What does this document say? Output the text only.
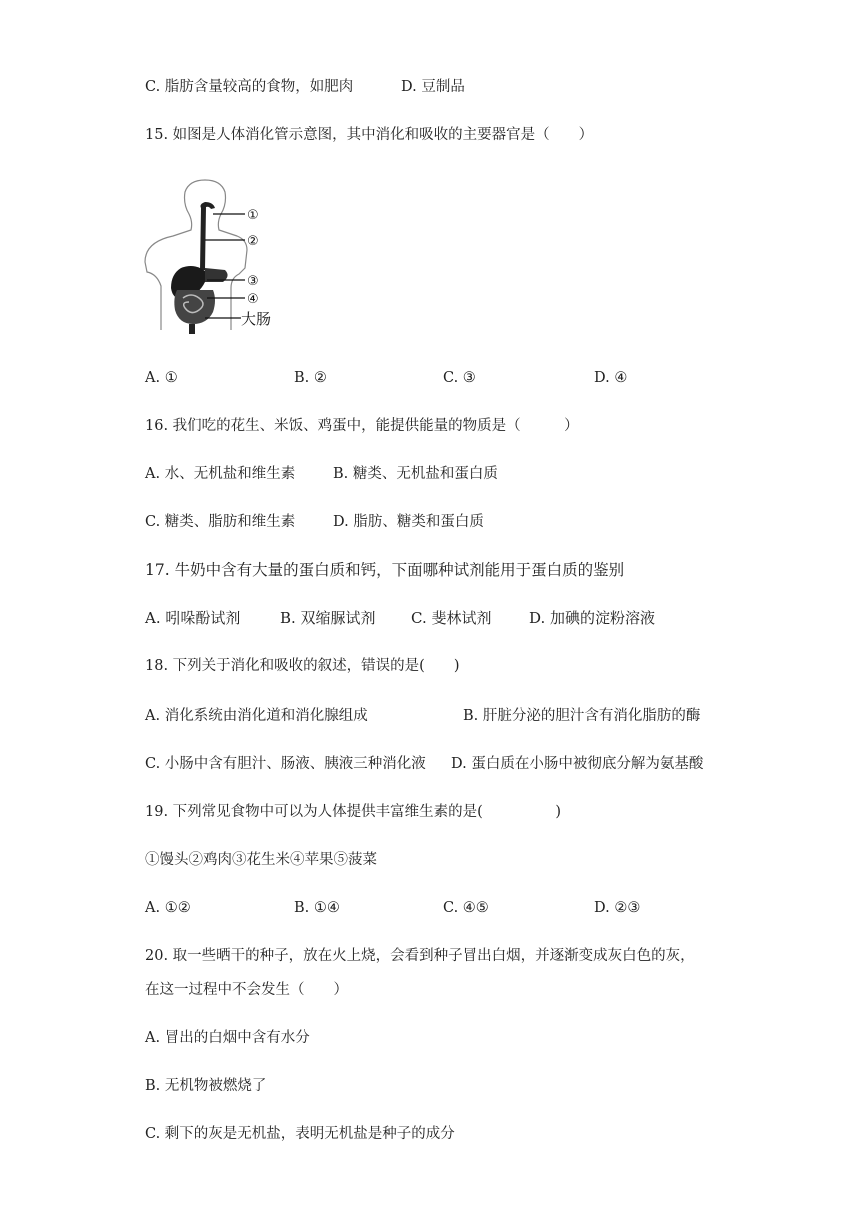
C. 脂肪含量较高的食物，如肥肉	D. 豆制品
15. 如图是人体消化管示意图，其中消化和吸收的主要器官是（　　）
①
②
③
④
大肠
A. ①	B. ②	C. ③	D. ④
16. 我们吃的花生、米饭、鸡蛋中，能提供能量的物质是（　　　）
A. 水、无机盐和维生素	B. 糖类、无机盐和蛋白质
C. 糖类、脂肪和维生素	D. 脂肪、糖类和蛋白质
17. 牛奶中含有大量的蛋白质和钙，下面哪种试剂能用于蛋白质的鉴别
A. 吲哚酚试剂	B. 双缩脲试剂 C. 斐林试剂	D. 加碘的淀粉溶液
18. 下列关于消化和吸收的叙述，错误的是(　　)
A. 消化系统由消化道和消化腺组成	B. 肝脏分泌的胆汁含有消化脂肪的酶
C. 小肠中含有胆汁、肠液、胰液三种消化液 D. 蛋白质在小肠中被彻底分解为氨基酸
19. 下列常见食物中可以为人体提供丰富维生素的是(　　　　　)
①馒头②鸡肉③花生米④苹果⑤菠菜
A. ①②	B. ①④	C. ④⑤	D. ②③
20. 取一些晒干的种子，放在火上烧，会看到种子冒出白烟，并逐渐变成灰白色的灰，
在这一过程中不会发生（　　）
A. 冒出的白烟中含有水分
B. 无机物被燃烧了
C. 剩下的灰是无机盐，表明无机盐是种子的成分
